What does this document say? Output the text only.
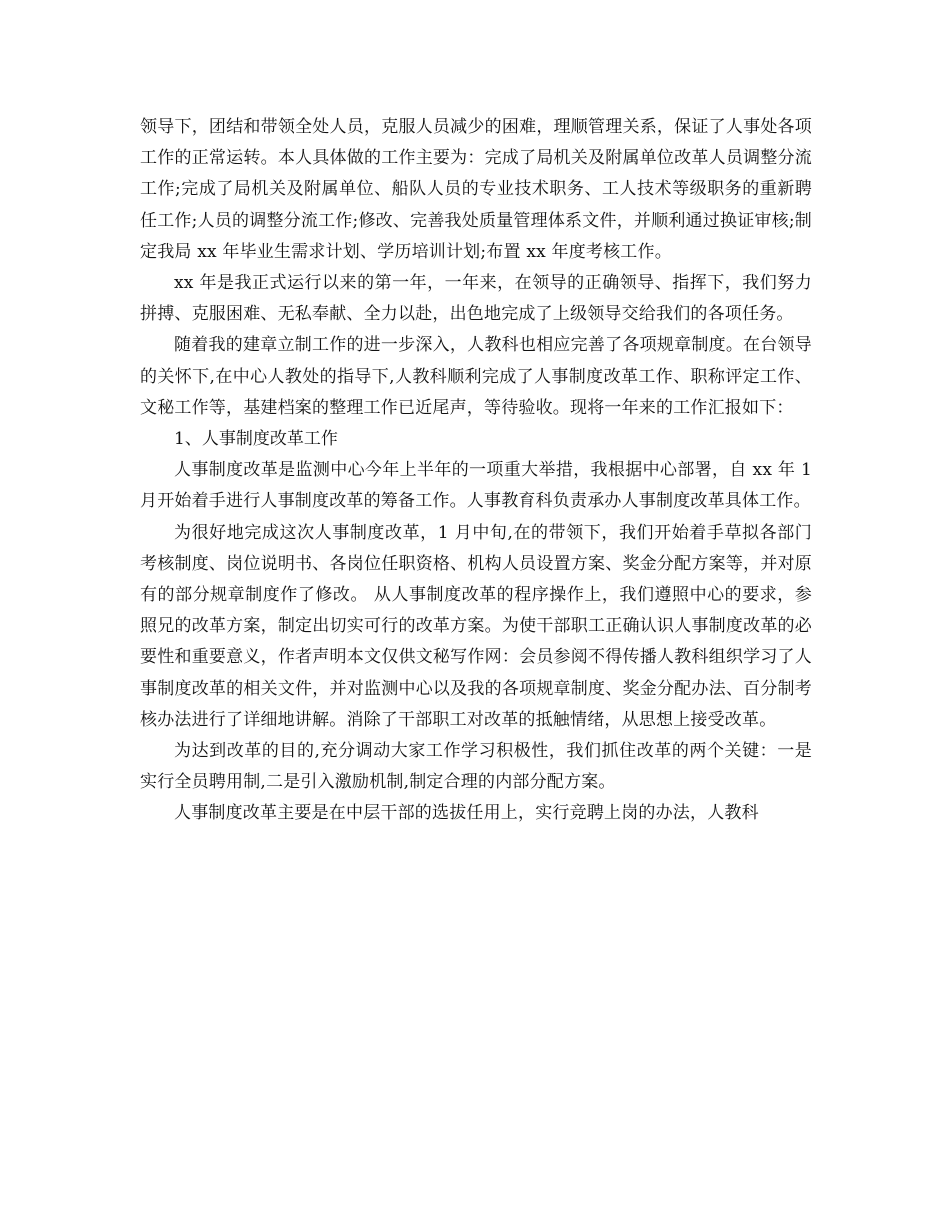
领导下，团结和带领全处人员，克服人员减少的困难，理顺管理关系，保证了人事处各项工作的正常运转。本人具体做的工作主要为：完成了局机关及附属单位改革人员调整分流工作;完成了局机关及附属单位、船队人员的专业技术职务、工人技术等级职务的重新聘任工作;人员的调整分流工作;修改、完善我处质量管理体系文件，并顺利通过换证审核;制定我局 xx 年毕业生需求计划、学历培训计划;布置 xx 年度考核工作。

xx 年是我正式运行以来的第一年，一年来，在领导的正确领导、指挥下，我们努力拼搏、克服困难、无私奉献、全力以赴，出色地完成了上级领导交给我们的各项任务。

随着我的建章立制工作的进一步深入，人教科也相应完善了各项规章制度。在台领导的关怀下,在中心人教处的指导下,人教科顺利完成了人事制度改革工作、职称评定工作、文秘工作等，基建档案的整理工作已近尾声，等待验收。现将一年来的工作汇报如下：

1、人事制度改革工作

人事制度改革是监测中心今年上半年的一项重大举措，我根据中心部署，自 xx 年 1 月开始着手进行人事制度改革的筹备工作。人事教育科负责承办人事制度改革具体工作。

为很好地完成这次人事制度改革，1 月中旬,在的带领下，我们开始着手草拟各部门考核制度、岗位说明书、各岗位任职资格、机构人员设置方案、奖金分配方案等，并对原有的部分规章制度作了修改。 从人事制度改革的程序操作上，我们遵照中心的要求，参照兄的改革方案，制定出切实可行的改革方案。为使干部职工正确认识人事制度改革的必要性和重要意义，作者声明本文仅供文秘写作网：会员参阅不得传播人教科组织学习了人事制度改革的相关文件，并对监测中心以及我的各项规章制度、奖金分配办法、百分制考核办法进行了详细地讲解。消除了干部职工对改革的抵触情绪，从思想上接受改革。

为达到改革的目的,充分调动大家工作学习积极性，我们抓住改革的两个关键：一是实行全员聘用制,二是引入激励机制,制定合理的内部分配方案。

人事制度改革主要是在中层干部的选拔任用上，实行竞聘上岗的办法，人教科
